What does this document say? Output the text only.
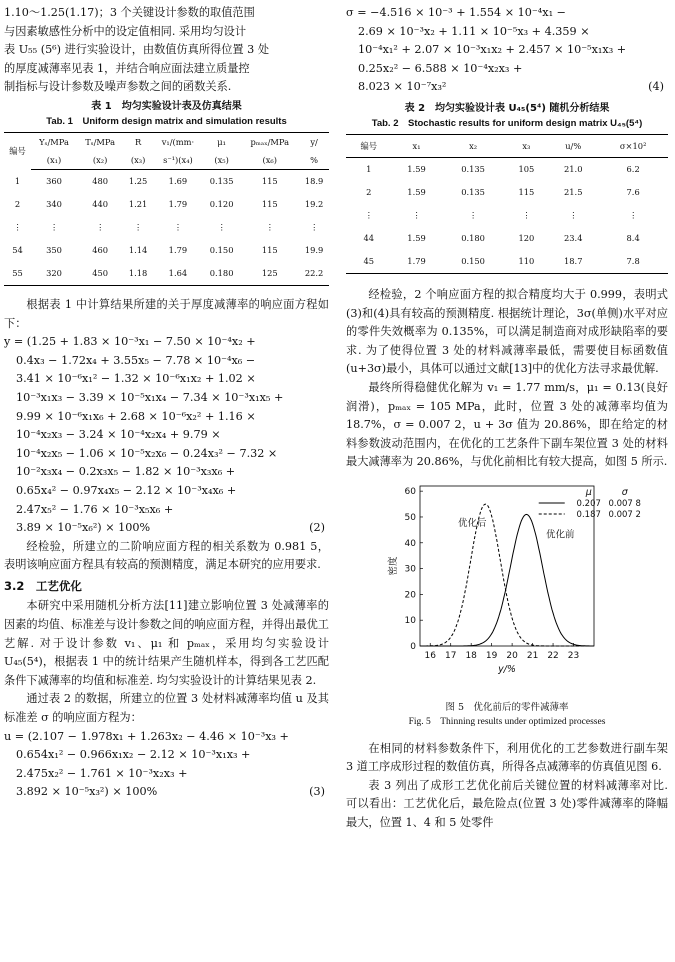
1.10～1.25(1.17)；3 个关键设计参数的取值范围
与因素敏感性分析中的设定值相同. 采用均匀设计
表 U₅₅ (5⁶) 进行实验设计，由数值仿真所得位置 3 处
的厚度减薄率见表 1，并结合响应面法建立质量控
制指标与设计参数及噪声参数之间的函数关系.
表 1　均匀实验设计表及仿真结果
Tab. 1　Uniform design matrix and simulation results
编号	Yₛ/MPa	Tₛ/MPa	R	v₁/(mm·	μ₁	pₘₐₓ/MPa	y/
	(x₁)	(x₂)	(x₃)	s⁻¹)(x₄)	(x₅)	(x₆)	%
1	360	480	1.25	1.69	0.135	115	18.9
2	340	440	1.21	1.79	0.120	115	19.2
⋮	⋮	⋮	⋮	⋮	⋮	⋮	⋮
54	350	460	1.14	1.79	0.150	115	19.9
55	320	450	1.18	1.64	0.180	125	22.2

根据表 1 中计算结果所建的关于厚度减薄率的响应面方程如下：

y = (1.25 + 1.83 × 10⁻³x₁ − 7.50 × 10⁻⁴x₂ +
0.4x₃ − 1.72x₄ + 3.55x₅ − 7.78 × 10⁻⁴x₆ −
3.41 × 10⁻⁶x₁² − 1.32 × 10⁻⁶x₁x₂ + 1.02 ×
10⁻³x₁x₃ − 3.39 × 10⁻⁵x₁x₄ − 7.34 × 10⁻³x₁x₅ +
9.99 × 10⁻⁶x₁x₆ + 2.68 × 10⁻⁶x₂² + 1.16 ×
10⁻⁴x₂x₃ − 3.24 × 10⁻⁴x₂x₄ + 9.79 ×
10⁻⁴x₂x₅ − 1.06 × 10⁻⁵x₂x₆ − 0.24x₃² − 7.32 ×
10⁻²x₃x₄ − 0.2x₃x₅ − 1.82 × 10⁻³x₃x₆ +
0.65x₄² − 0.97x₄x₅ − 2.12 × 10⁻³x₄x₆ +
2.47x₅² − 1.76 × 10⁻³x₅x₆ +
3.89 × 10⁻⁵x₆²) × 100%	(2)

经检验，所建立的二阶响应面方程的相关系数为 0.981 5，表明该响应面方程具有较高的预测精度，满足本研究的应用要求.

3.2　工艺优化

本研究中采用随机分析方法[11]建立影响位置 3 处减薄率的因素的均值、标准差与设计参数之间的响应面方程，并得出最优工艺解. 对于设计参数 v₁、μ₁ 和 pₘₐₓ，采用均匀实验设计 U₄₅(5⁴)，根据表 1 中的统计结果产生随机样本，得到各工艺匹配条件下减薄率的均值和标准差. 均匀实验设计的计算结果见表 2.

通过表 2 的数据，所建立的位置 3 处材料减薄率均值 u 及其标准差 σ 的响应面方程为：

u = (2.107 − 1.978x₁ + 1.263x₂ − 4.46 × 10⁻³x₃ +
0.654x₁² − 0.966x₁x₂ − 2.12 × 10⁻³x₁x₃ +
2.475x₂² − 1.761 × 10⁻³x₂x₃ +
3.892 × 10⁻⁵x₃²) × 100%	(3)
σ = −4.516 × 10⁻³ + 1.554 × 10⁻⁴x₁ −
2.69 × 10⁻³x₂ + 1.11 × 10⁻⁵x₃ + 4.359 ×
10⁻⁴x₁² + 2.07 × 10⁻³x₁x₂ + 2.457 × 10⁻⁵x₁x₃ +
0.25x₂² − 6.588 × 10⁻⁴x₂x₃ +
8.023 × 10⁻⁷x₃²	(4)
表 2　均匀实验设计表 U₄₅(5⁴) 随机分析结果
Tab. 2　Stochastic results for uniform design matrix U₄₅(5⁴)
编号	x₁	x₂	x₃	u/%	σ×10²
1	1.59	0.135	105	21.0	6.2
2	1.59	0.135	115	21.5	7.6
⋮	⋮	⋮	⋮	⋮	⋮
44	1.59	0.180	120	23.4	8.4
45	1.79	0.150	110	18.7	7.8

经检验，2 个响应面方程的拟合精度均大于 0.999，表明式(3)和(4)具有较高的预测精度. 根据统计理论，3σ(单侧)水平对应的零件失效概率为 0.135%，可以满足制造商对成形缺陷率的要求. 为了使得位置 3 处的材料减薄率最低，需要使目标函数值(u+3σ)最小，具体可以通过文献[13]中的优化方法寻求最优解.

最终所得稳健优化解为 v₁ = 1.77 mm/s，μ₁ = 0.13(良好润滑)，pₘₐₓ = 105 MPa，此时，位置 3 处的减薄率均值为 18.7%，σ = 0.007 2，u + 3σ 值为 20.86%，即在给定的材料参数波动范围内，在优化的工艺条件下副车架位置 3 处的材料最大减薄率为 20.86%，与优化前相比有较大提高，如图 5 所示.

16 17 18 19 20 21 22 23
0
10
20
30
40
50
60
y/%
密度
优化后
优化前
μ	σ
0.207 0.007 8
0.187 0.007 2
图 5　优化前后的零件减薄率
Fig. 5　Thinning results under optimized processes

在相同的材料参数条件下，利用优化的工艺参数进行副车架 3 道工序成形过程的数值仿真，所得各点减薄率的仿真值见图 6.

表 3 列出了成形工艺优化前后关键位置的材料减薄率对比. 可以看出：工艺优化后，最危险点(位置 3 处)零件减薄率的降幅最大，位置 1、4 和 5 处零件
